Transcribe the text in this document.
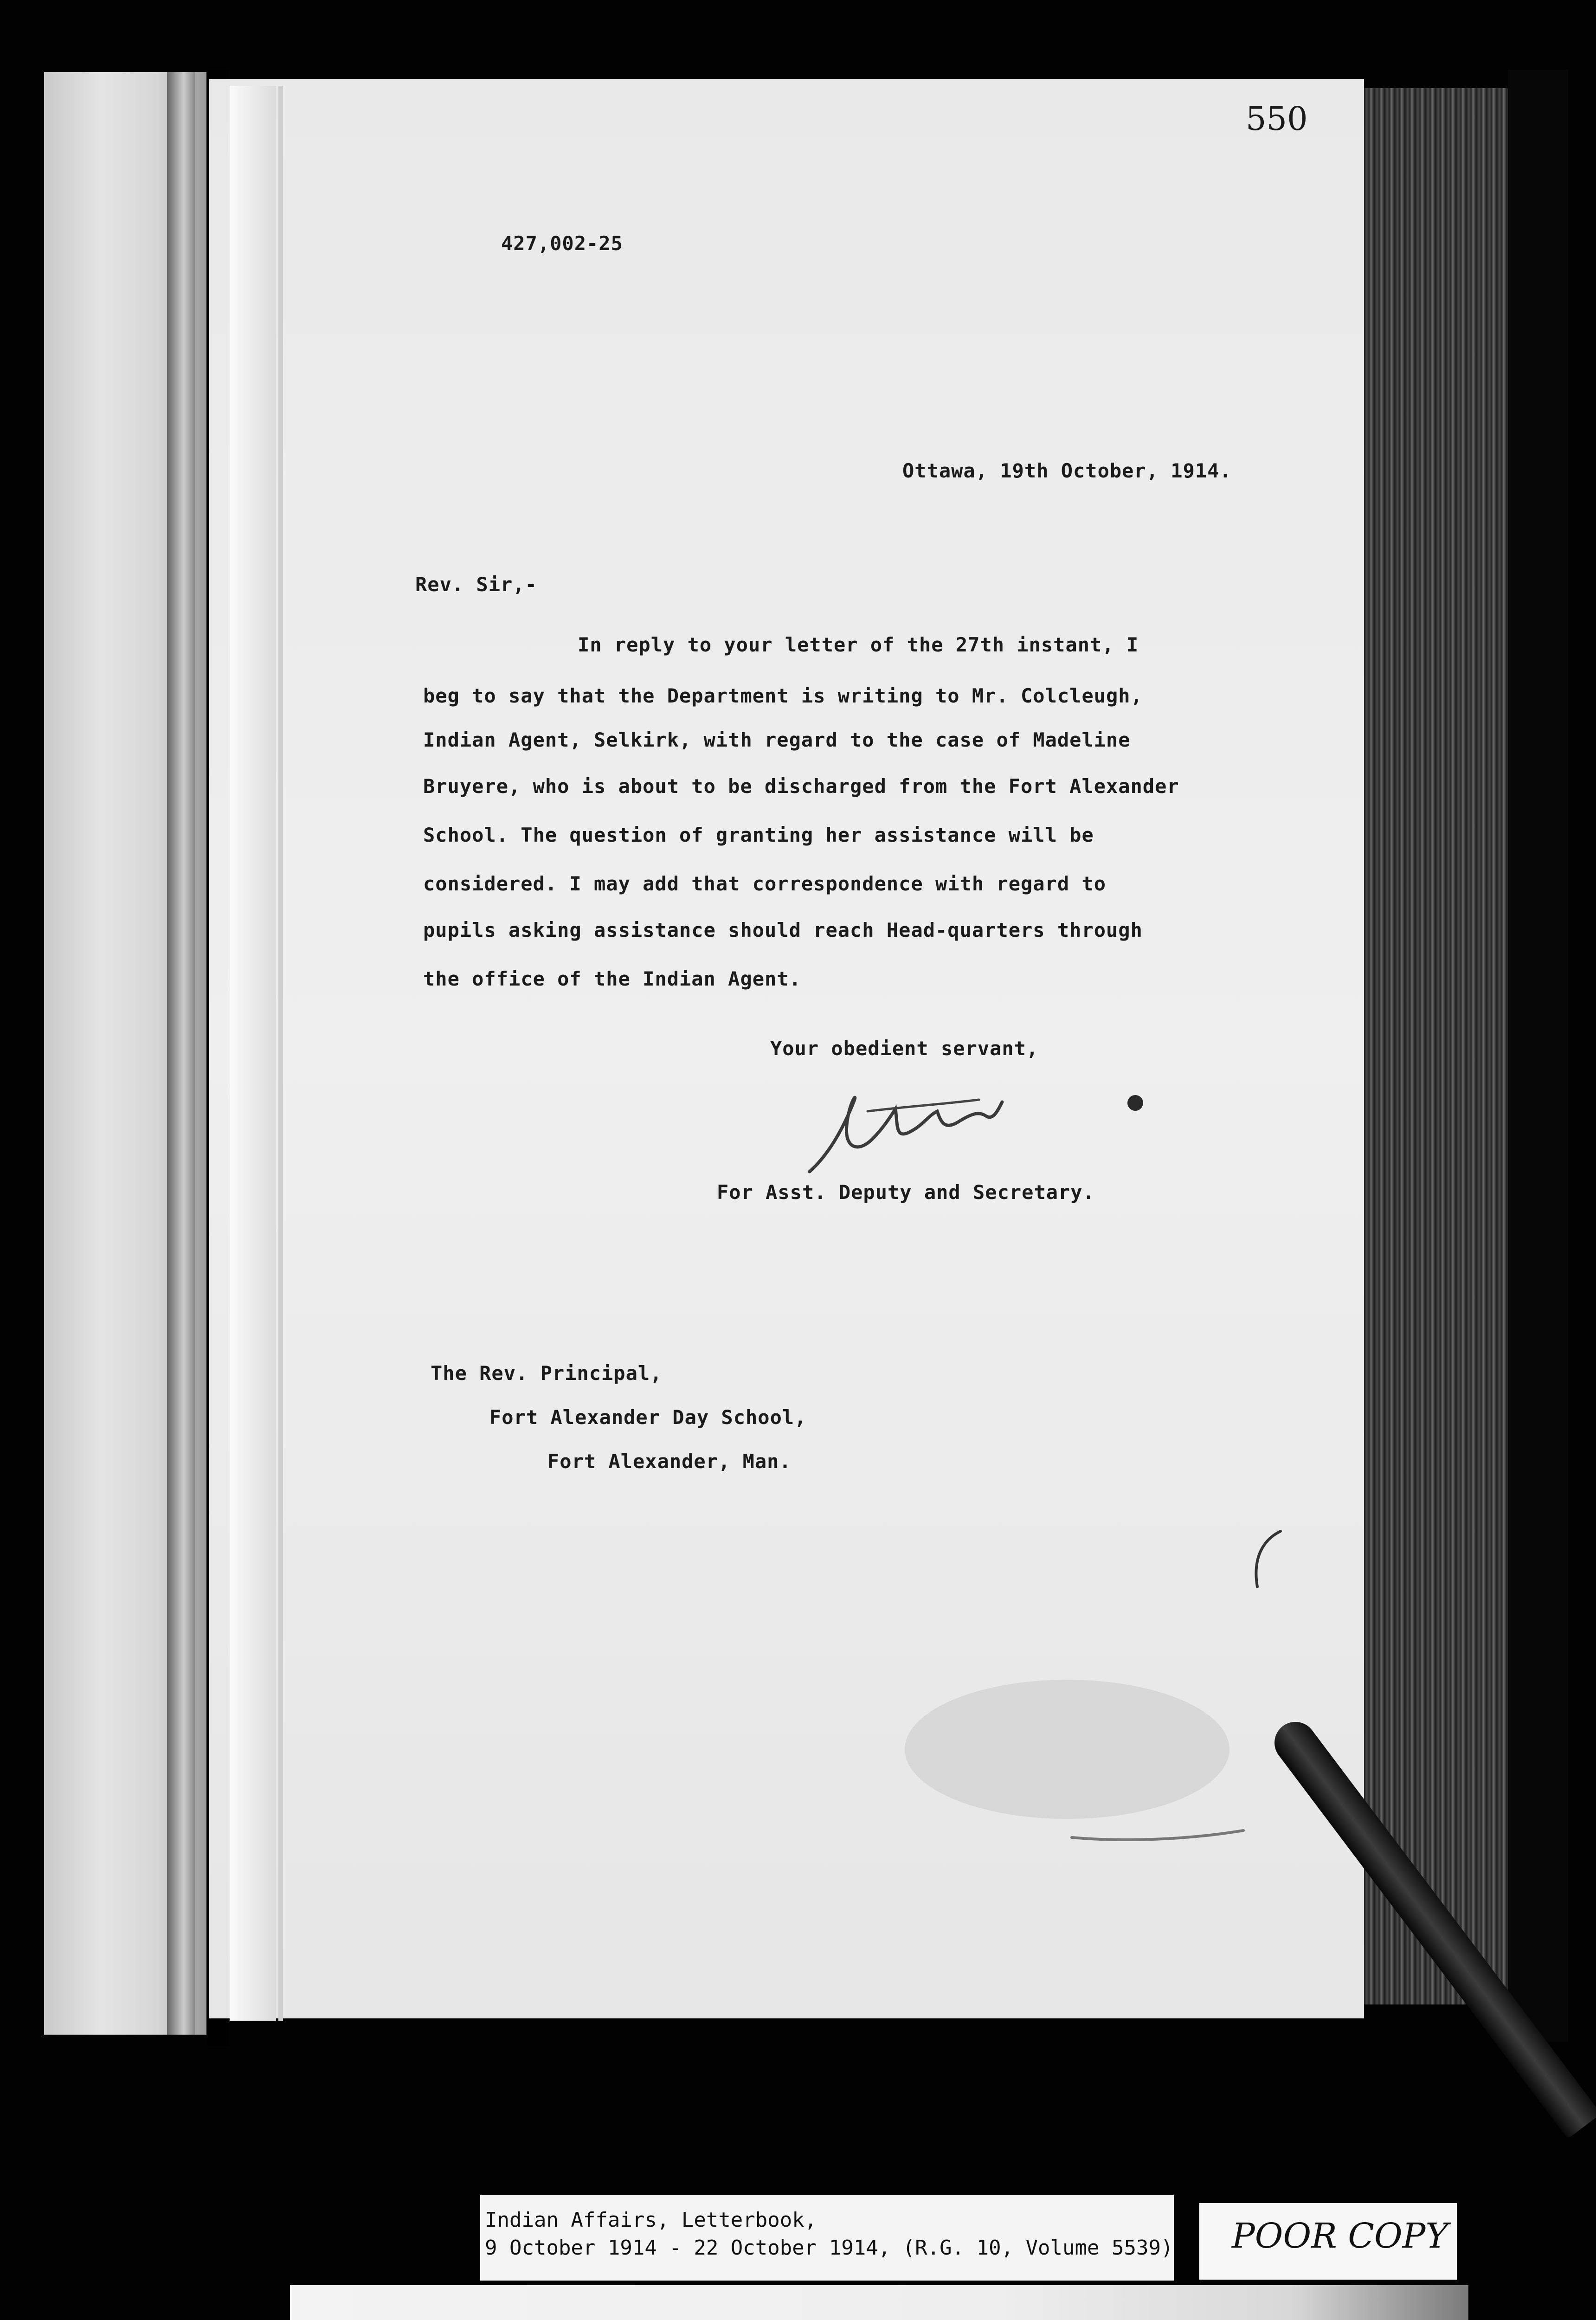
550
427,002-25
Ottawa, 19th October, 1914.
Rev. Sir,-
In reply to your letter of the 27th instant, I
beg to say that the Department is writing to Mr. Colcleugh,
Indian Agent, Selkirk, with regard to the case of Madeline
Bruyere, who is about to be discharged from the Fort Alexander
School. The question of granting her assistance will be
considered. I may add that correspondence with regard to
pupils asking assistance should reach Head-quarters through
the office of the Indian Agent.
Your obedient servant,
For Asst. Deputy and Secretary.
The Rev. Principal,
Fort Alexander Day School,
Fort Alexander, Man.
Indian Affairs, Letterbook,
9 October 1914 - 22 October 1914, (R.G. 10, Volume 5539)	POOR COPY
